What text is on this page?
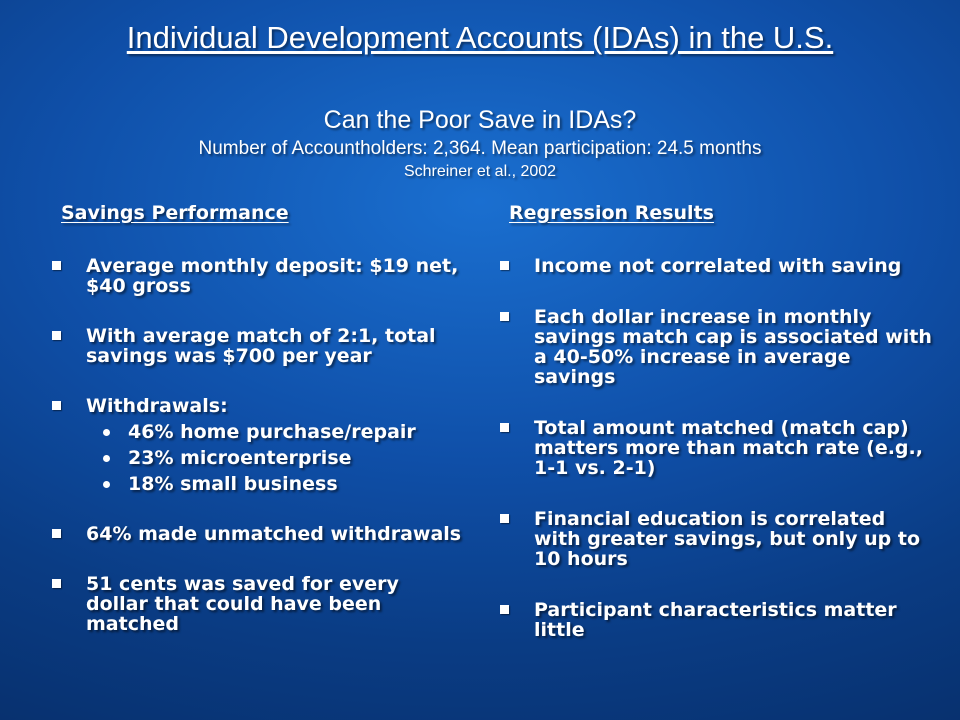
Individual Development Accounts (IDAs) in the U.S.
Can the Poor Save in IDAs?
Number of Accountholders: 2,364. Mean participation: 24.5 months
Schreiner et al., 2002
Savings Performance
Average monthly deposit: $19 net, $40 gross
With average match of 2:1, total savings was $700 per year
Withdrawals:
46% home purchase/repair
23% microenterprise
18% small business
64% made unmatched withdrawals
51 cents was saved for every dollar that could have been matched
Regression Results
Income not correlated with saving
Each dollar increase in monthly savings match cap is associated with a 40-50% increase in average savings
Total amount matched (match cap) matters more than match rate (e.g., 1-1 vs. 2-1)
Financial education is correlated with greater savings, but only up to 10 hours
Participant characteristics matter little
